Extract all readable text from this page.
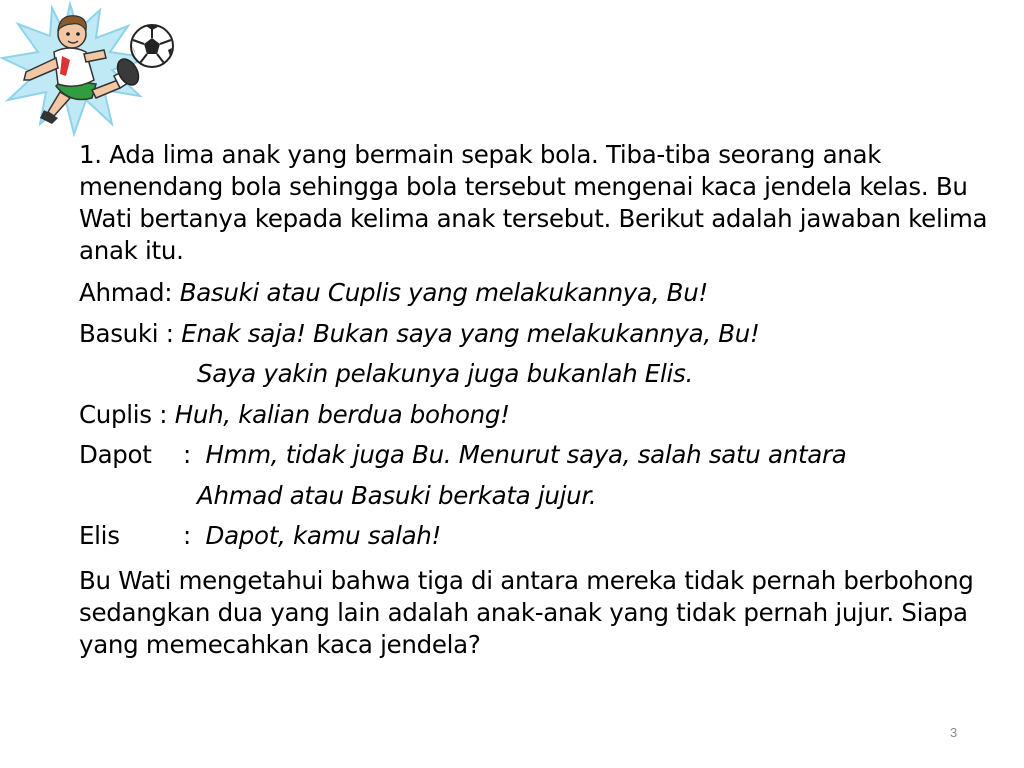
1. Ada lima anak yang bermain sepak bola. Tiba-tiba seorang anak menendang bola sehingga bola tersebut mengenai kaca jendela kelas. Bu Wati bertanya kepada kelima anak tersebut. Berikut adalah jawaban kelima anak itu.

Ahmad: Basuki atau Cuplis yang melakukannya, Bu!
Basuki : Enak saja! Bukan saya yang melakukannya, Bu!
Saya yakin pelakunya juga bukanlah Elis.
Cuplis : Huh, kalian berdua bohong!
Dapot : Hmm, tidak juga Bu. Menurut saya, salah satu antara
Ahmad atau Basuki berkata jujur.
Elis	: Dapot, kamu salah!

Bu Wati mengetahui bahwa tiga di antara mereka tidak pernah berbohong sedangkan dua yang lain adalah anak-anak yang tidak pernah jujur. Siapa yang memecahkan kaca jendela?

3
